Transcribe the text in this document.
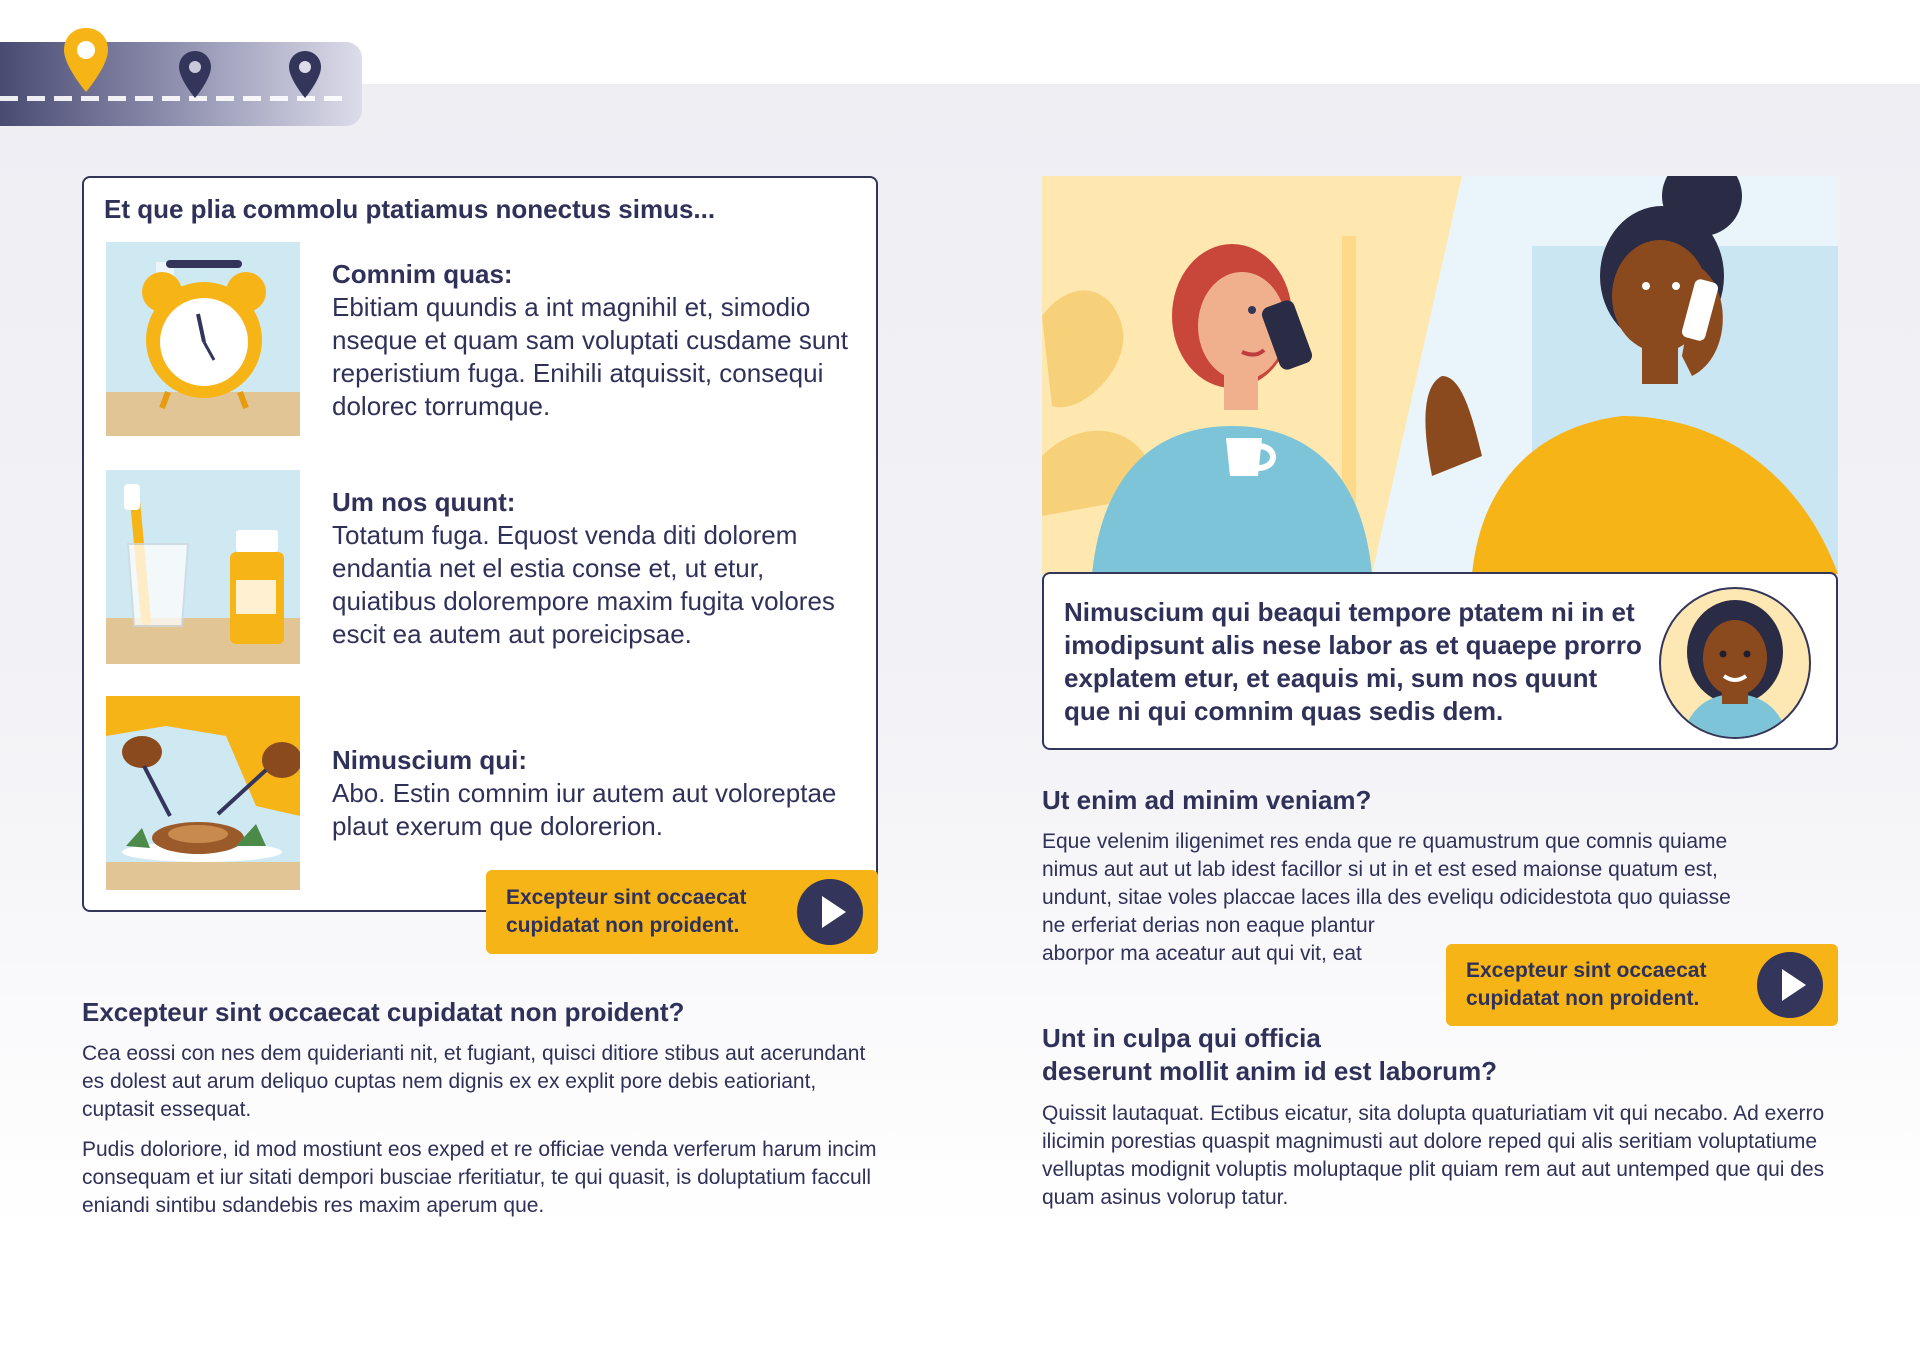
Et que plia commolu ptatiamus nonectus simus...
Comnim quas:
Ebitiam quundis a int magnihil et, simodio nseque et quam sam voluptati cusdame sunt reperistium fuga. Enihili atquissit, consequi dolorec torrumque.
Um nos quunt:
Totatum fuga. Equost venda diti dolorem endantia net el estia conse et, ut etur, quiatibus dolorempore maxim fugita volores escit ea autem aut poreicipsae.
Nimuscium qui:
Abo. Estin comnim iur autem aut voloreptae plaut exerum que dolorerion.
Excepteur sint occaecat cupidatat non proident.
Excepteur sint occaecat cupidatat non proident?
Cea eossi con nes dem quiderianti nit, et fugiant, quisci ditiore stibus aut acerundant es dolest aut arum deliquo cuptas nem dignis ex ex explit pore debis eatioriant, cuptasit essequat.
Pudis doloriore, id mod mostiunt eos exped et re officiae venda verferum harum incim consequam et iur sitati dempori busciae rferitiatur, te qui quasit, is doluptatium faccull eniandi sintibu sdandebis res maxim aperum que.
Nimuscium qui beaqui tempore ptatem ni in et imodipsunt alis nese labor as et quaepe prorro explatem etur, et eaquis mi, sum nos quunt que ni qui comnim quas sedis dem.
Ut enim ad minim veniam?
Eque velenim iligenimet res enda que re quamustrum que comnis quiame
nimus aut aut ut lab idest facillor si ut in et est esed maionse quatum est,
undunt, sitae voles placcae laces illa des eveliqu odicidestota quo quiasse
ne erferiat derias non eaque plantur
aborpor ma aceatur aut qui vit, eat
Excepteur sint occaecat cupidatat non proident.
Unt in culpa qui officia
deserunt mollit anim id est laborum?
Quissit lautaquat. Ectibus eicatur, sita dolupta quaturiatiam vit qui necabo. Ad exerro ilicimin porestias quaspit magnimusti aut dolore reped qui alis seritiam voluptatiume velluptas modignit voluptis moluptaque plit quiam rem aut aut untemped que qui des quam asinus volorup tatur.
